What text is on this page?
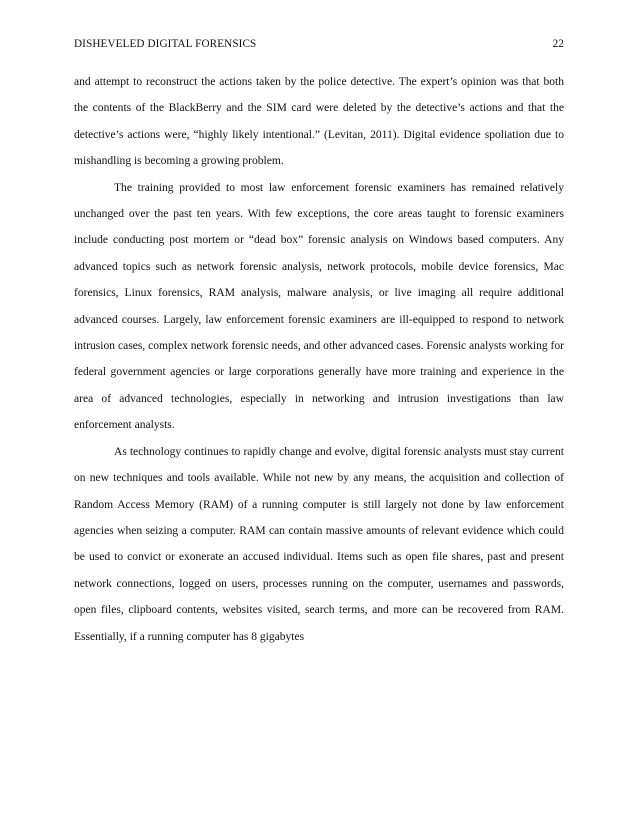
DISHEVELED DIGITAL FORENSICS	22

and attempt to reconstruct the actions taken by the police detective. The expert’s opinion was that both the contents of the BlackBerry and the SIM card were deleted by the detective’s actions and that the detective’s actions were, “highly likely intentional.” (Levitan, 2011). Digital evidence spoliation due to mishandling is becoming a growing problem.

The training provided to most law enforcement forensic examiners has remained relatively unchanged over the past ten years. With few exceptions, the core areas taught to forensic examiners include conducting post mortem or “dead box” forensic analysis on Windows based computers. Any advanced topics such as network forensic analysis, network protocols, mobile device forensics, Mac forensics, Linux forensics, RAM analysis, malware analysis, or live imaging all require additional advanced courses. Largely, law enforcement forensic examiners are ill-equipped to respond to network intrusion cases, complex network forensic needs, and other advanced cases. Forensic analysts working for federal government agencies or large corporations generally have more training and experience in the area of advanced technologies, especially in networking and intrusion investigations than law enforcement analysts.

As technology continues to rapidly change and evolve, digital forensic analysts must stay current on new techniques and tools available. While not new by any means, the acquisition and collection of Random Access Memory (RAM) of a running computer is still largely not done by law enforcement agencies when seizing a computer. RAM can contain massive amounts of relevant evidence which could be used to convict or exonerate an accused individual. Items such as open file shares, past and present network connections, logged on users, processes running on the computer, usernames and passwords, open files, clipboard contents, websites visited, search terms, and more can be recovered from RAM. Essentially, if a running computer has 8 gigabytes
